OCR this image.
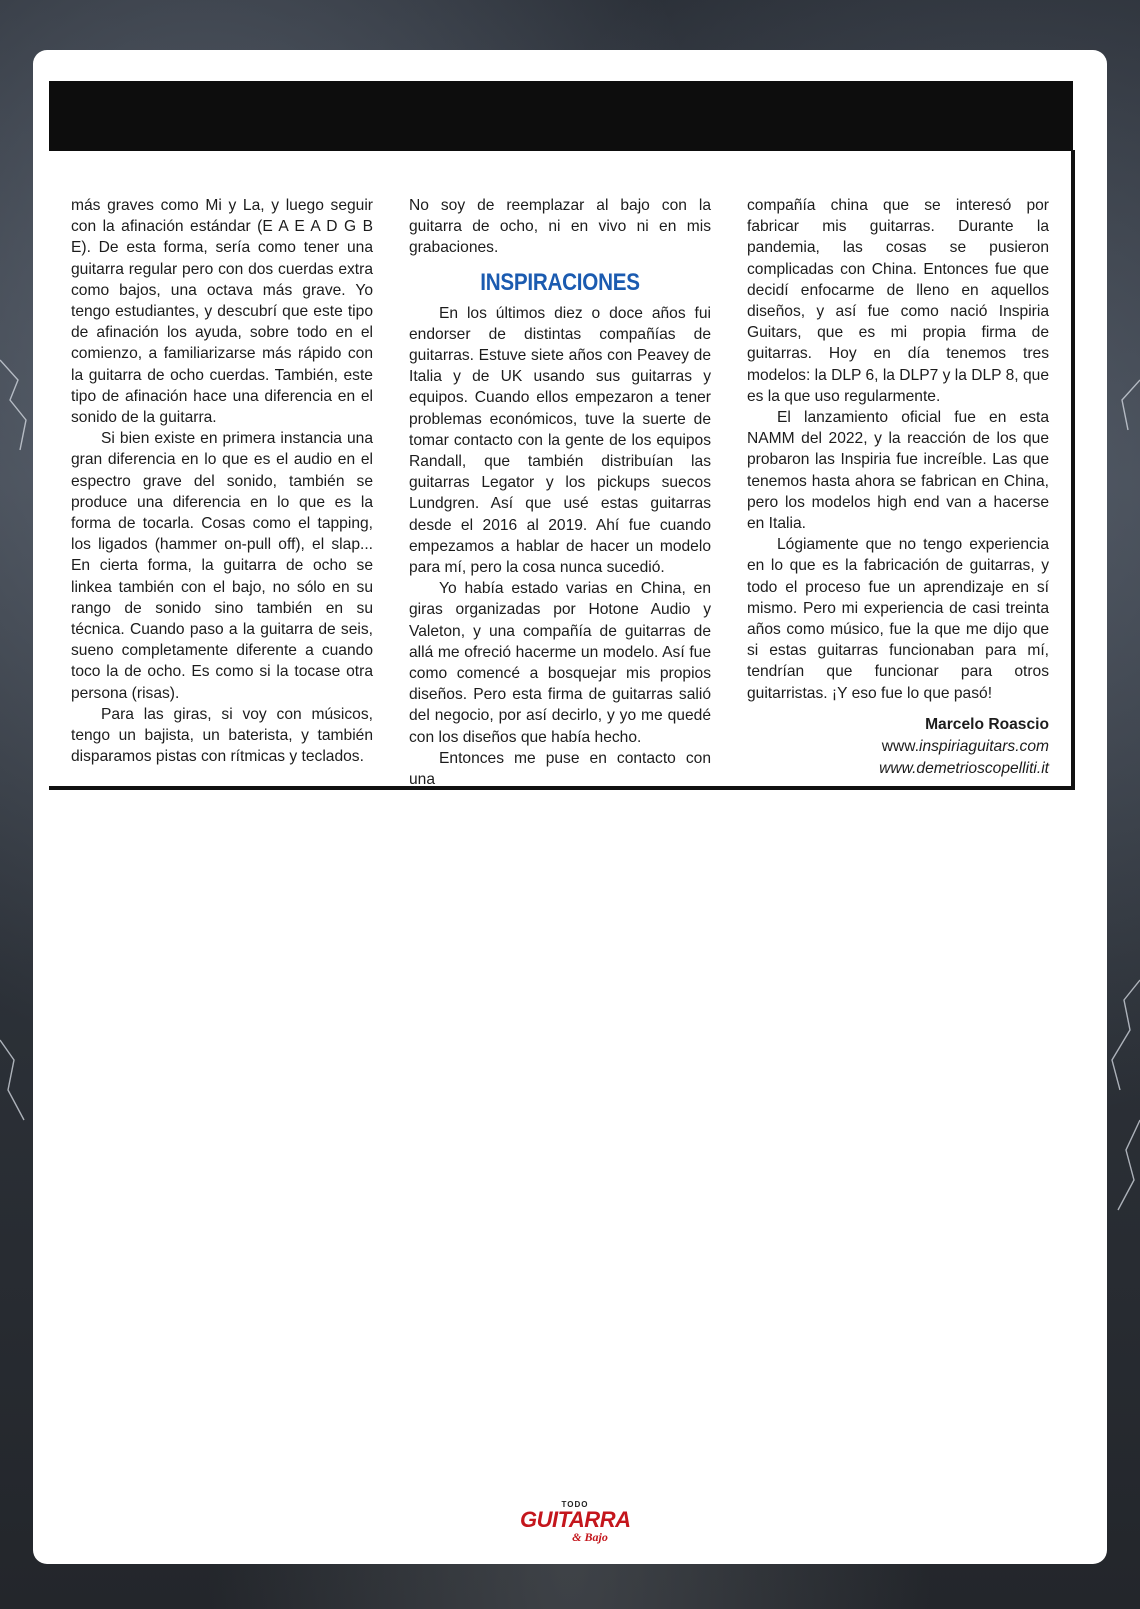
más graves como Mi y La, y luego seguir con la afinación estándar (E A E A D G B E). De esta forma, sería como tener una guitarra regular pero con dos cuerdas extra como bajos, una octava más grave. Yo tengo estudiantes, y descubrí que este tipo de afinación los ayuda, sobre todo en el comienzo, a familiarizarse más rápido con la guitarra de ocho cuerdas. También, este tipo de afinación hace una diferencia en el sonido de la guitarra.

Si bien existe en primera instancia una gran diferencia en lo que es el audio en el espectro grave del sonido, también se produce una diferencia en lo que es la forma de tocarla. Cosas como el tapping, los ligados (hammer on-pull off), el slap... En cierta forma, la guitarra de ocho se linkea también con el bajo, no sólo en su rango de sonido sino también en su técnica. Cuando paso a la guitarra de seis, sueno completamente diferente a cuando toco la de ocho. Es como si la tocase otra persona (risas).

Para las giras, si voy con músicos, tengo un bajista, un baterista, y también disparamos pistas con rítmicas y teclados.

No soy de reemplazar al bajo con la guitarra de ocho, ni en vivo ni en mis grabaciones.

INSPIRACIONES

En los últimos diez o doce años fui endorser de distintas compañías de guitarras. Estuve siete años con Peavey de Italia y de UK usando sus guitarras y equipos. Cuando ellos empezaron a tener problemas económicos, tuve la suerte de tomar contacto con la gente de los equipos Randall, que también distribuían las guitarras Legator y los pickups suecos Lundgren. Así que usé estas guitarras desde el 2016 al 2019. Ahí fue cuando empezamos a hablar de hacer un modelo para mí, pero la cosa nunca sucedió.

Yo había estado varias en China, en giras organizadas por Hotone Audio y Valeton, y una compañía de guitarras de allá me ofreció hacerme un modelo. Así fue como comencé a bosquejar mis propios diseños. Pero esta firma de guitarras salió del negocio, por así decirlo, y yo me quedé con los diseños que había hecho.

Entonces me puse en contacto con una

compañía china que se interesó por fabricar mis guitarras. Durante la pandemia, las cosas se pusieron complicadas con China. Entonces fue que decidí enfocarme de lleno en aquellos diseños, y así fue como nació Inspiria Guitars, que es mi propia firma de guitarras. Hoy en día tenemos tres modelos: la DLP 6, la DLP7 y la DLP 8, que es la que uso regularmente.

El lanzamiento oficial fue en esta NAMM del 2022, y la reacción de los que probaron las Inspiria fue increíble. Las que tenemos hasta ahora se fabrican en China, pero los modelos high end van a hacerse en Italia.

Lógiamente que no tengo experiencia en lo que es la fabricación de guitarras, y todo el proceso fue un aprendizaje en sí mismo. Pero mi experiencia de casi treinta años como músico, fue la que me dijo que si estas guitarras funcionaban para mí, tendrían que funcionar para otros guitarristas. ¡Y eso fue lo que pasó!

Marcelo Roascio
www.inspiriaguitars.com
www.demetrioscopelliti.it
TODO
GUITARRA
& Bajo
